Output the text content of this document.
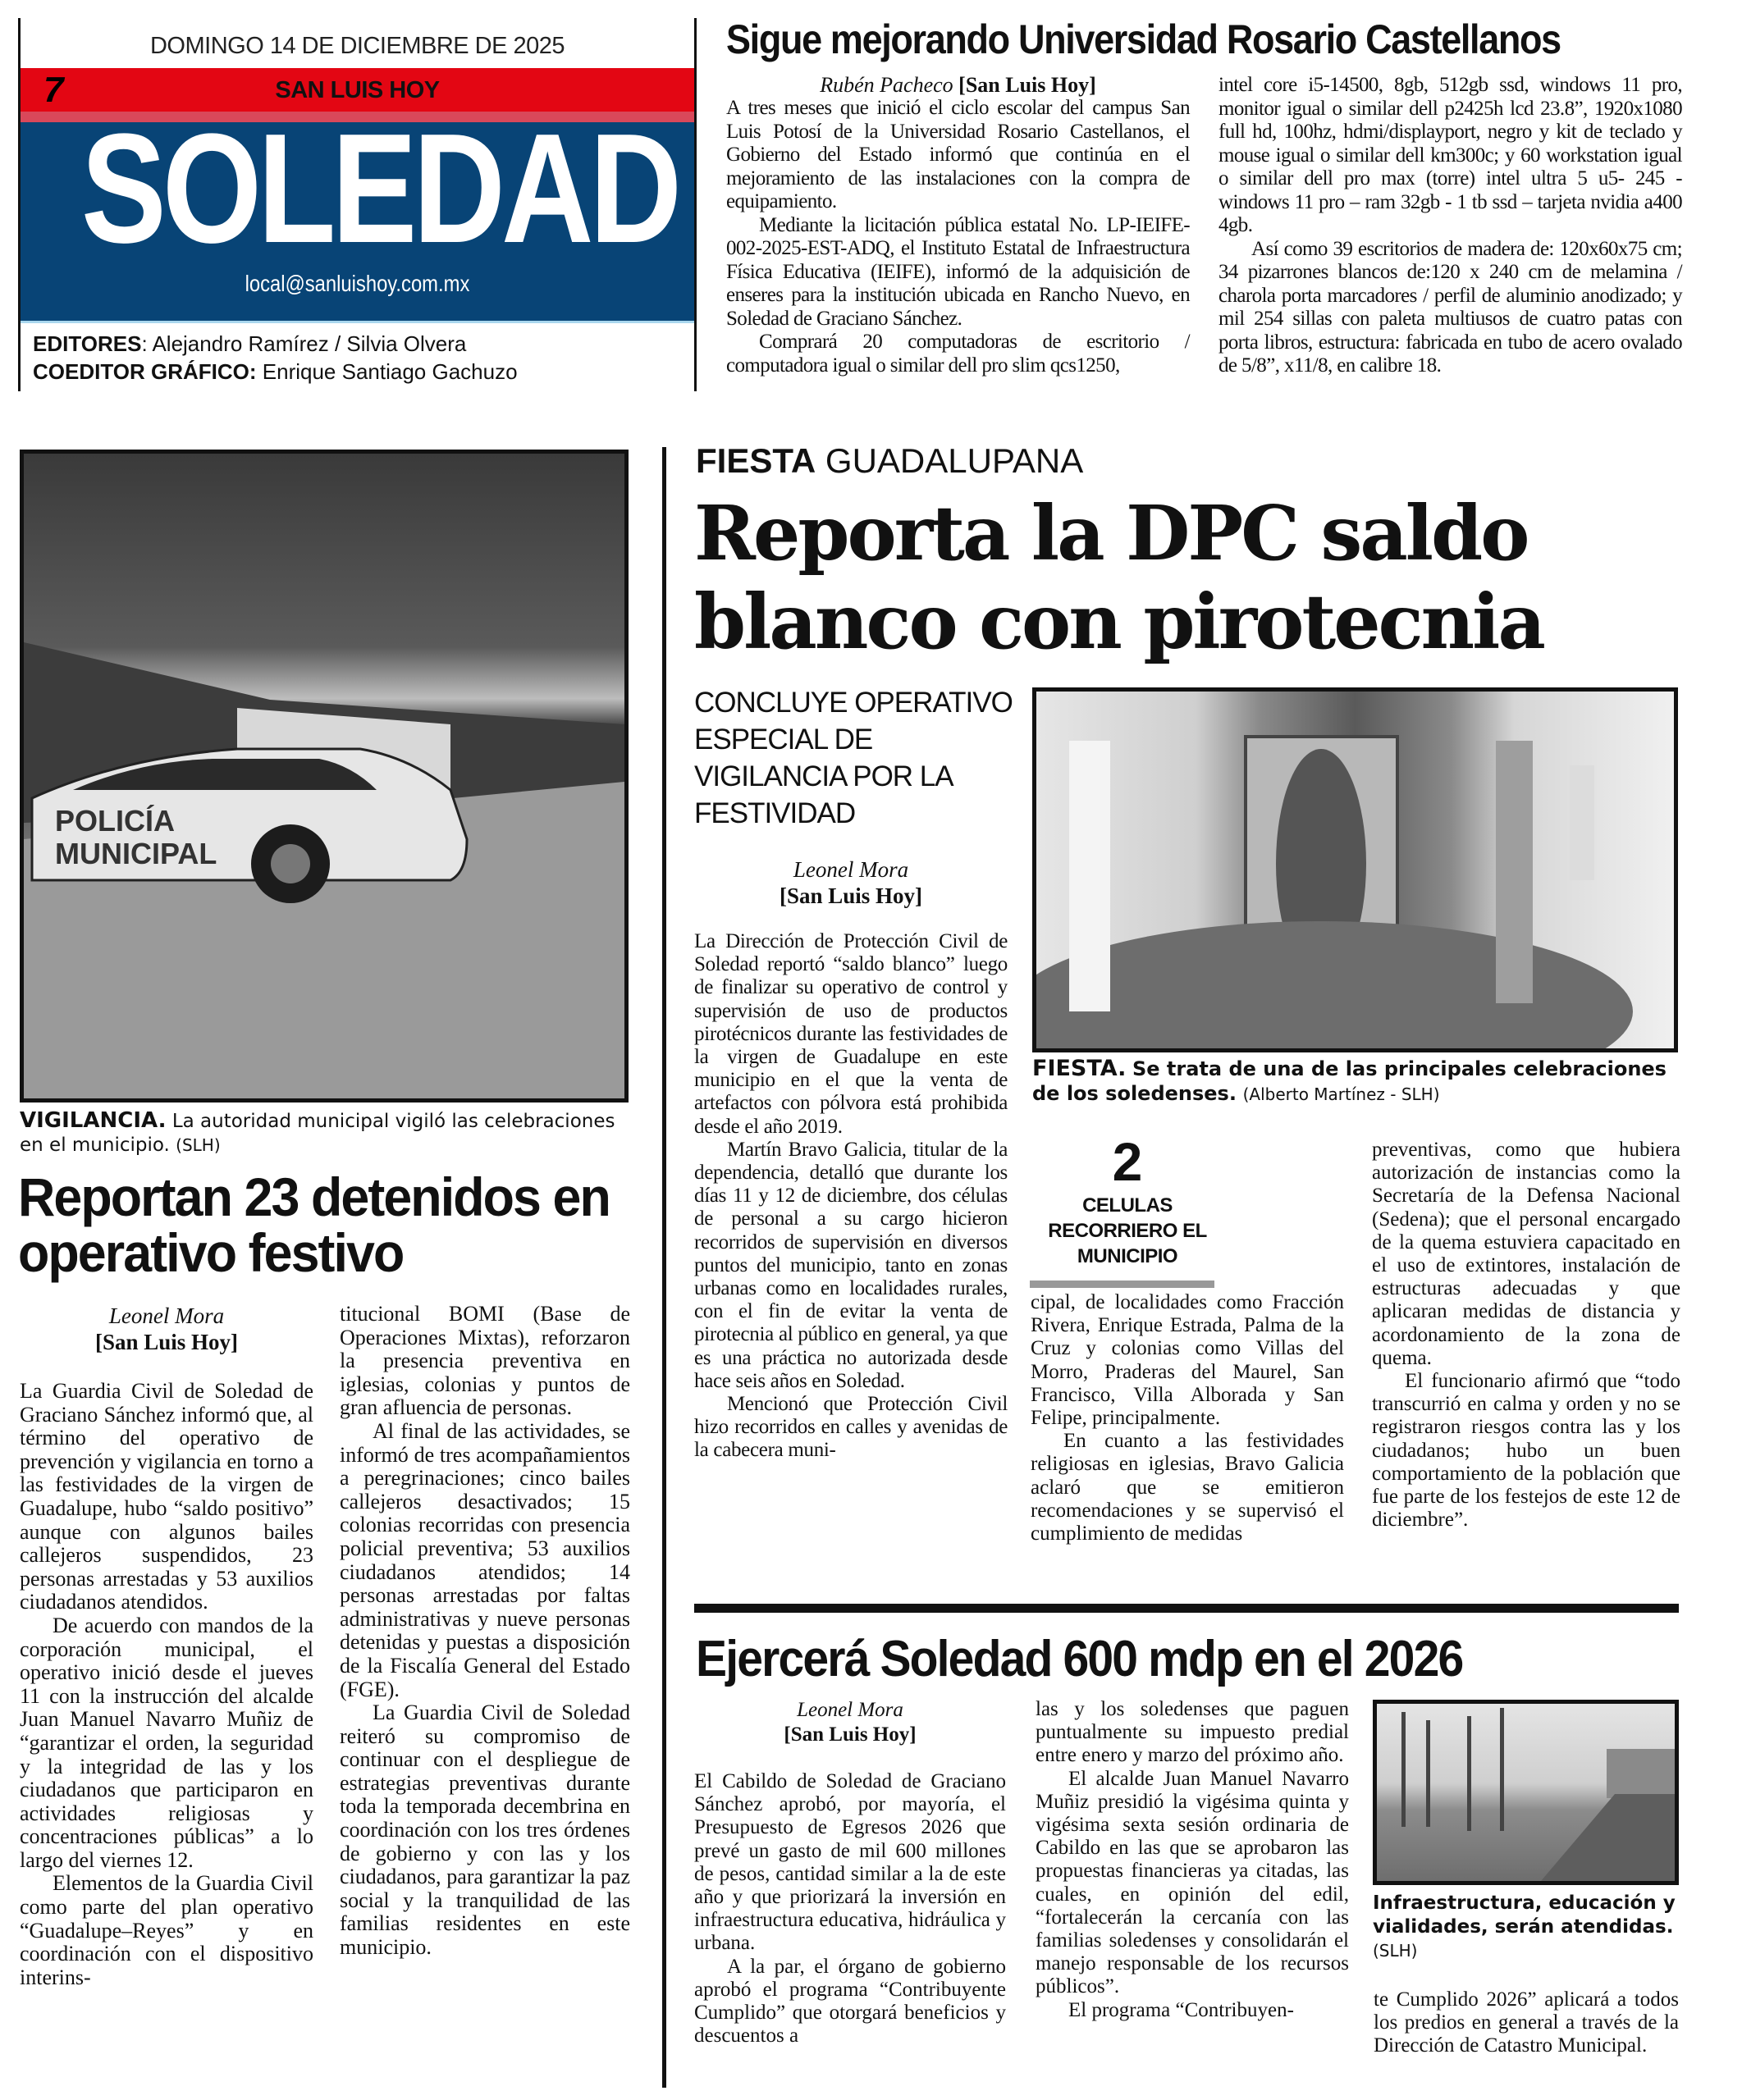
DOMINGO 14 DE DICIEMBRE DE 2025
7	SAN LUIS HOY
SOLEDAD
local@sanluishoy.com.mx
EDITORES: Alejandro Ramírez / Silvia Olvera
COEDITOR GRÁFICO: Enrique Santiago Gachuzo
Sigue mejorando Universidad Rosario Castellanos
Rubén Pacheco [San Luis Hoy]

A tres meses que inició el ciclo escolar del campus San Luis Potosí de la Universidad Rosario Castellanos, el Gobierno del Estado informó que continúa en el mejoramiento de las instalaciones con la compra de equipamiento.

Mediante la licitación pública estatal No. LP-IEIFE-002-2025-EST-ADQ, el Instituto Estatal de Infraestructura Física Educativa (IEIFE), informó de la adquisición de enseres para la institución ubicada en Rancho Nuevo, en Soledad de Graciano Sánchez.

Comprará 20 computadoras de escritorio / computadora igual o similar dell pro slim qcs1250,

intel core i5-14500, 8gb, 512gb ssd, windows 11 pro, monitor igual o similar dell p2425h lcd 23.8”, 1920x1080 full hd, 100hz, hdmi/displayport, negro y kit de teclado y mouse igual o similar dell km300c; y 60 workstation igual o similar dell pro max (torre) intel ultra 5 u5- 245 - windows 11 pro – ram 32gb - 1 tb ssd – tarjeta nvidia a400 4gb.

Así como 39 escritorios de madera de: 120x60x75 cm; 34 pizarrones blancos de:120 x 240 cm de melamina / charola porta marcadores / perfil de aluminio anodizado; y mil 254 sillas con paleta multiusos de cuatro patas con porta libros, estructura: fabricada en tubo de acero ovalado de 5/8”, x11/8, en calibre 18.

POLICÍA MUNICIPAL
VIGILANCIA. La autoridad municipal vigiló las celebraciones en el municipio. (SLH)
Reportan 23 detenidos en operativo festivo
Leonel Mora
[San Luis Hoy]

La Guardia Civil de Soledad de Graciano Sánchez informó que, al término del operativo de prevención y vigilancia en torno a las festividades de la virgen de Guadalupe, hubo “saldo positivo” aunque con algunos bailes callejeros suspendidos, 23 personas arrestadas y 53 auxilios ciudadanos atendidos.

De acuerdo con mandos de la corporación municipal, el operativo inició desde el jueves 11 con la instrucción del alcalde Juan Manuel Navarro Muñiz de “garantizar el orden, la seguridad y la integridad de las y los ciudadanos que participaron en actividades religiosas y concentraciones públicas” a lo largo del viernes 12.

Elementos de la Guardia Civil como parte del plan operativo “Guadalupe–Reyes” y en coordinación con el dispositivo interins-

titucional BOMI (Base de Operaciones Mixtas), reforzaron la presencia preventiva en iglesias, colonias y puntos de gran afluencia de personas.

Al final de las actividades, se informó de tres acompañamientos a peregrinaciones; cinco bailes callejeros desactivados; 15 colonias recorridas con presencia policial preventiva; 53 auxilios ciudadanos atendidos; 14 personas arrestadas por faltas administrativas y nueve personas detenidas y puestas a disposición de la Fiscalía General del Estado (FGE).

La Guardia Civil de Soledad reiteró su compromiso de continuar con el despliegue de estrategias preventivas durante toda la temporada decembrina en coordinación con los tres órdenes de gobierno y con las y los ciudadanos, para garantizar la paz social y la tranquilidad de las familias residentes en este municipio.

FIESTA GUADALUPANA
Reporta la DPC saldo blanco con pirotecnia
CONCLUYE OPERATIVO ESPECIAL DE VIGILANCIA POR LA FESTIVIDAD
Leonel Mora
[San Luis Hoy]

La Dirección de Protección Civil de Soledad reportó “saldo blanco” luego de finalizar su operativo de control y supervisión de uso de productos pirotécnicos durante las festividades de la virgen de Guadalupe en este municipio en el que la venta de artefactos con pólvora está prohibida desde el año 2019.

Martín Bravo Galicia, titular de la dependencia, detalló que durante los días 11 y 12 de diciembre, dos células de personal a su cargo hicieron recorridos de supervisión en diversos puntos del municipio, tanto en zonas urbanas como en localidades rurales, con el fin de evitar la venta de pirotecnia al público en general, ya que es una práctica no autorizada desde hace seis años en Soledad.

Mencionó que Protección Civil hizo recorridos en calles y avenidas de la cabecera muni-

FIESTA. Se trata de una de las principales celebraciones de los soledenses. (Alberto Martínez - SLH)
2
CELULAS RECORRIERO EL MUNICIPIO

cipal, de localidades como Fracción Rivera, Enrique Estrada, Palma de la Cruz y colonias como Villas del Morro, Praderas del Maurel, San Francisco, Villa Alborada y San Felipe, principalmente.

En cuanto a las festividades religiosas en iglesias, Bravo Galicia aclaró que se emitieron recomendaciones y se supervisó el cumplimiento de medidas

preventivas, como que hubiera autorización de instancias como la Secretaría de la Defensa Nacional (Sedena); que el personal encargado de la quema estuviera capacitado en el uso de extintores, instalación de estructuras adecuadas y que aplicaran medidas de distancia y acordonamiento de la zona de quema.

El funcionario afirmó que “todo transcurrió en calma y orden y no se registraron riesgos contra las y los ciudadanos; hubo un buen comportamiento de la población que fue parte de los festejos de este 12 de diciembre”.

Ejercerá Soledad 600 mdp en el 2026
Leonel Mora
[San Luis Hoy]

El Cabildo de Soledad de Graciano Sánchez aprobó, por mayoría, el Presupuesto de Egresos 2026 que prevé un gasto de mil 600 millones de pesos, cantidad similar a la de este año y que priorizará la inversión en infraestructura educativa, hidráulica y urbana.

A la par, el órgano de gobierno aprobó el programa “Contribuyente Cumplido” que otorgará beneficios y descuentos a

las y los soledenses que paguen puntualmente su impuesto predial entre enero y marzo del próximo año.

El alcalde Juan Manuel Navarro Muñiz presidió la vigésima quinta y vigésima sexta sesión ordinaria de Cabildo en las que se aprobaron las propuestas financieras ya citadas, las cuales, en opinión del edil, “fortalecerán la cercanía con las familias soledenses y consolidarán el manejo responsable de los recursos públicos”.

El programa “Contribuyen-

Infraestructura, educación y vialidades, serán atendidas.
(SLH)

te Cumplido 2026” aplicará a todos los predios en general a través de la Dirección de Catastro Municipal.
